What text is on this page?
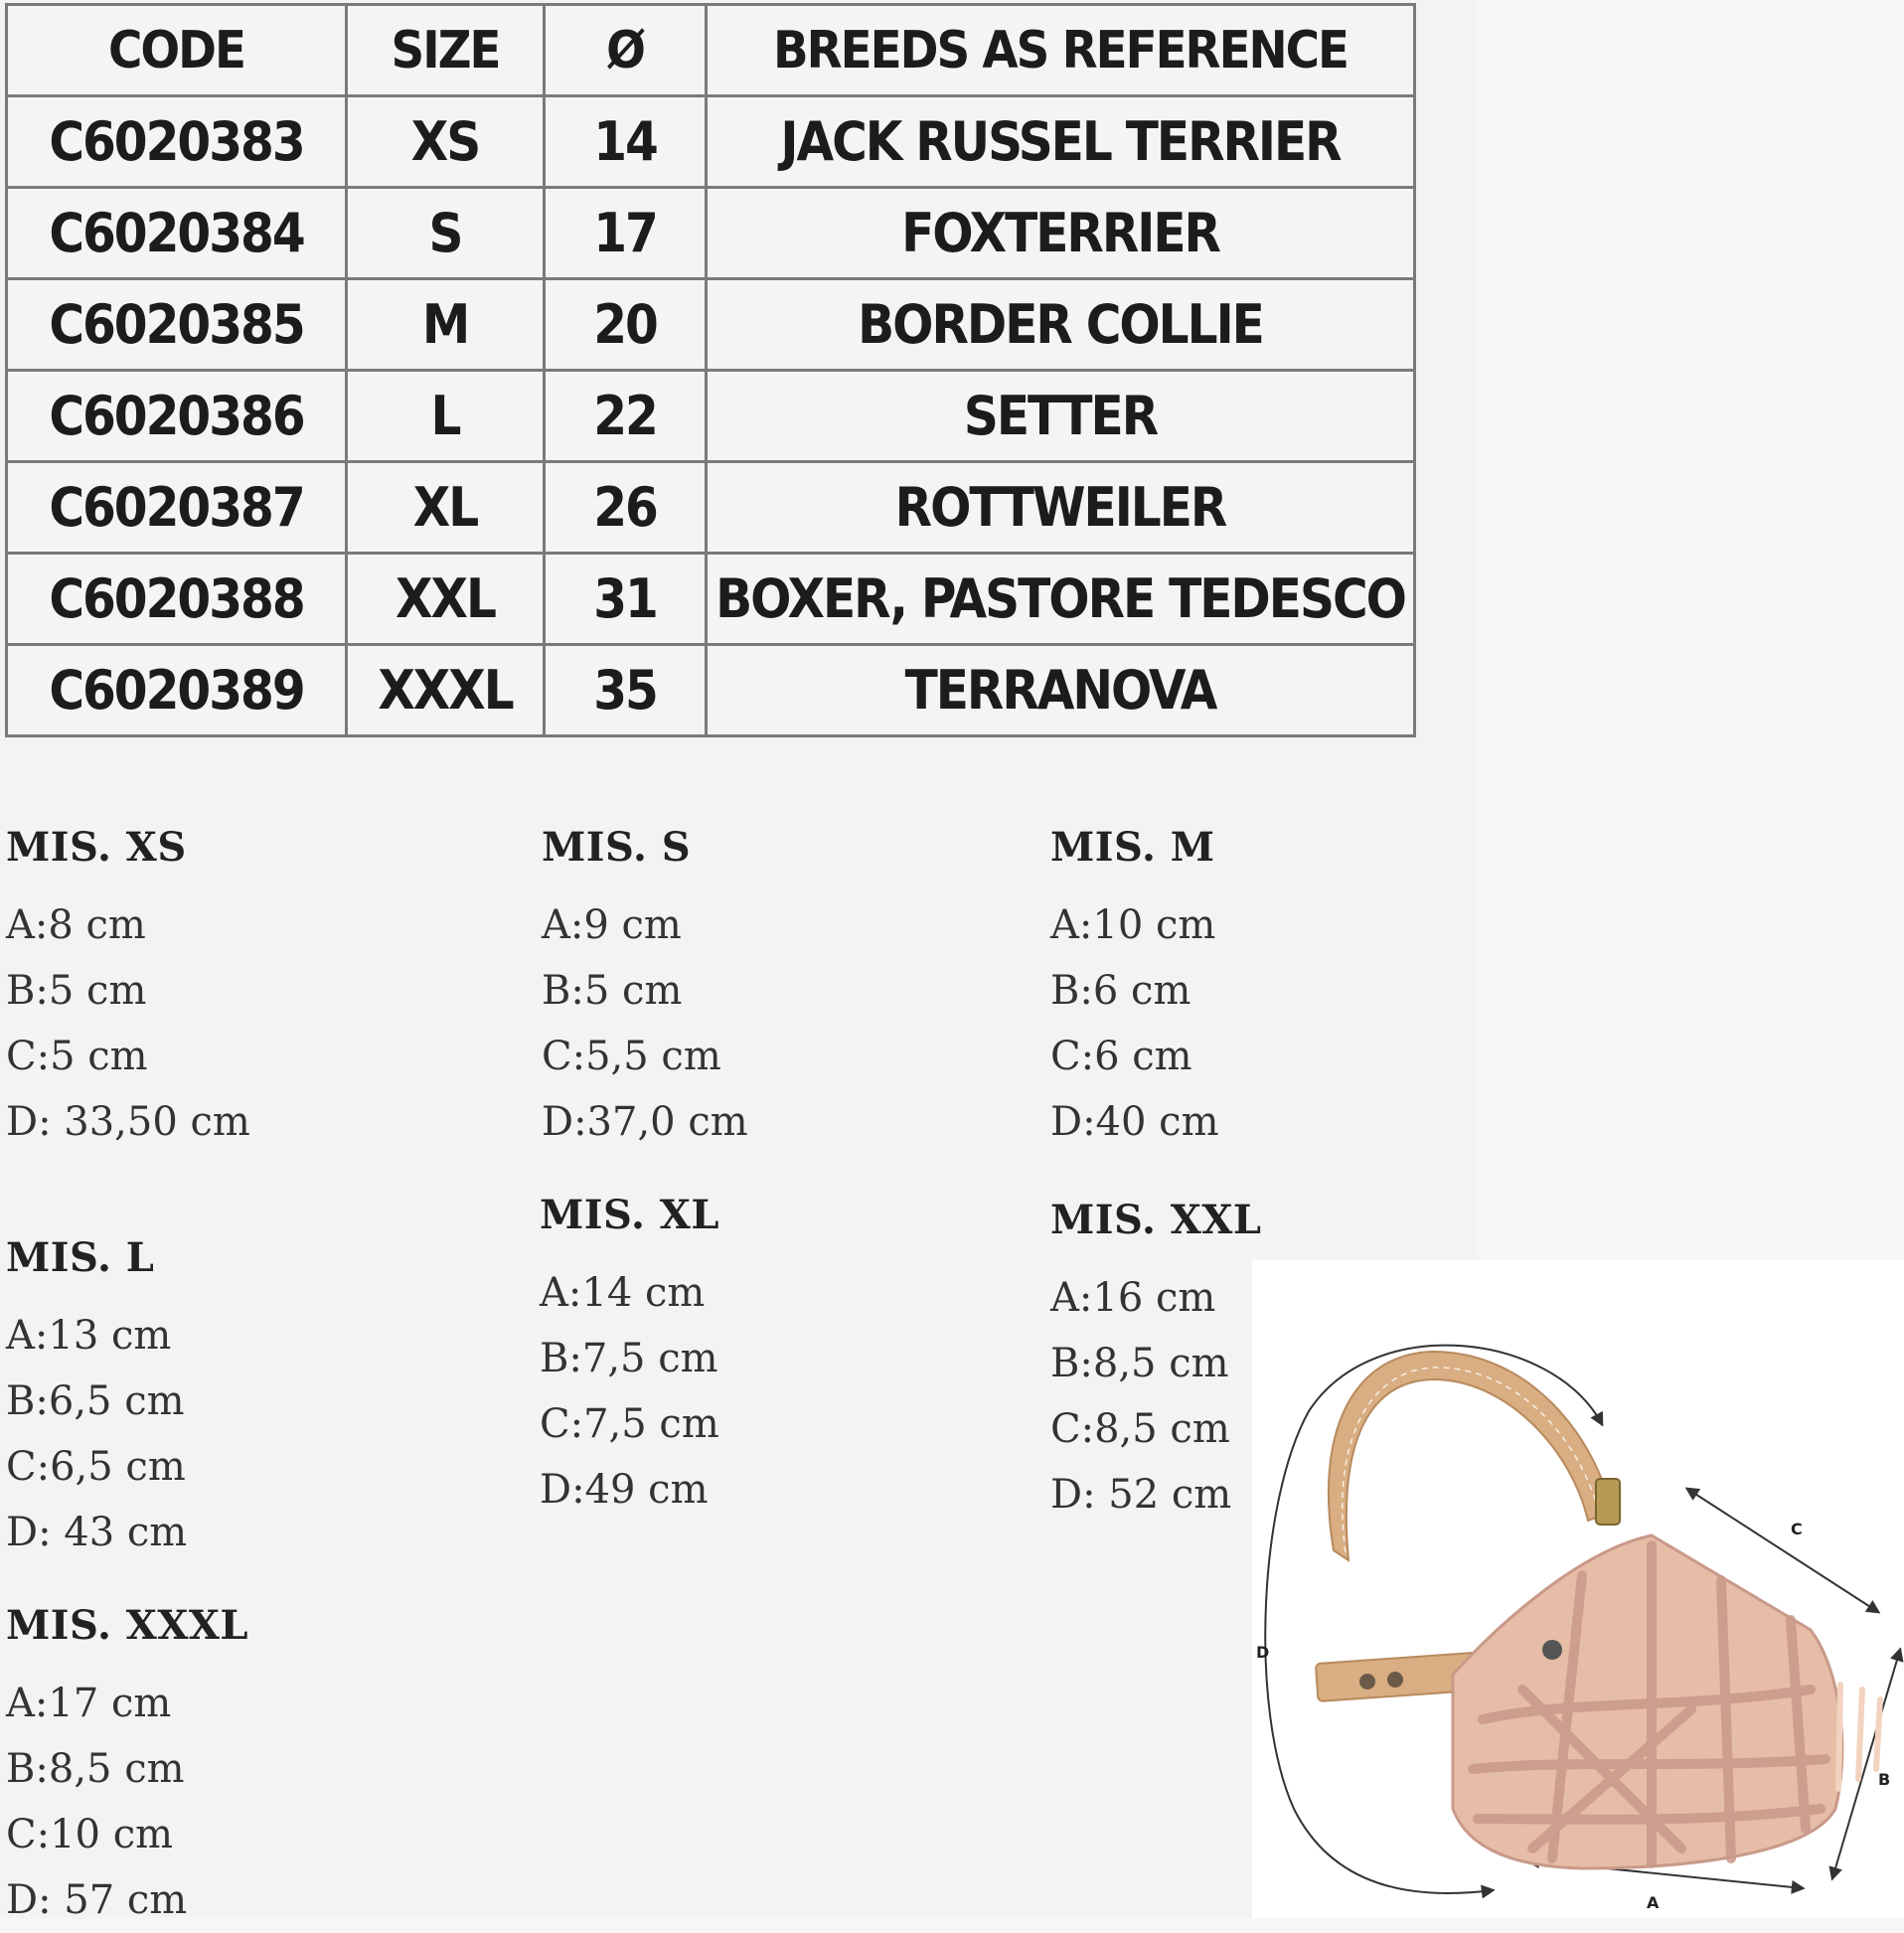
CODE	SIZE	Ø	BREEDS AS REFERENCE
C6020383	XS	14	JACK RUSSEL TERRIER
C6020384	S	17	FOXTERRIER
C6020385	M	20	BORDER COLLIE
C6020386	L	22	SETTER
C6020387	XL	26	ROTTWEILER
C6020388	XXL	31	BOXER, PASTORE TEDESCO
C6020389	XXXL	35	TERRANOVA

MIS. XS

A:8 cm

B:5 cm

C:5 cm

D: 33,50 cm

MIS. S

A:9 cm

B:5 cm

C:5,5 cm

D:37,0 cm

MIS. M

A:10 cm

B:6 cm

C:6 cm

D:40 cm

MIS. L

A:13 cm

B:6,5 cm

C:6,5 cm

D: 43 cm

MIS. XL

A:14 cm

B:7,5 cm

C:7,5 cm

D:49 cm

MIS. XXL

A:16 cm

B:8,5 cm

C:8,5 cm

D: 52 cm

MIS. XXXL

A:17 cm

B:8,5 cm

C:10 cm

D: 57 cm

C
D
B
A
